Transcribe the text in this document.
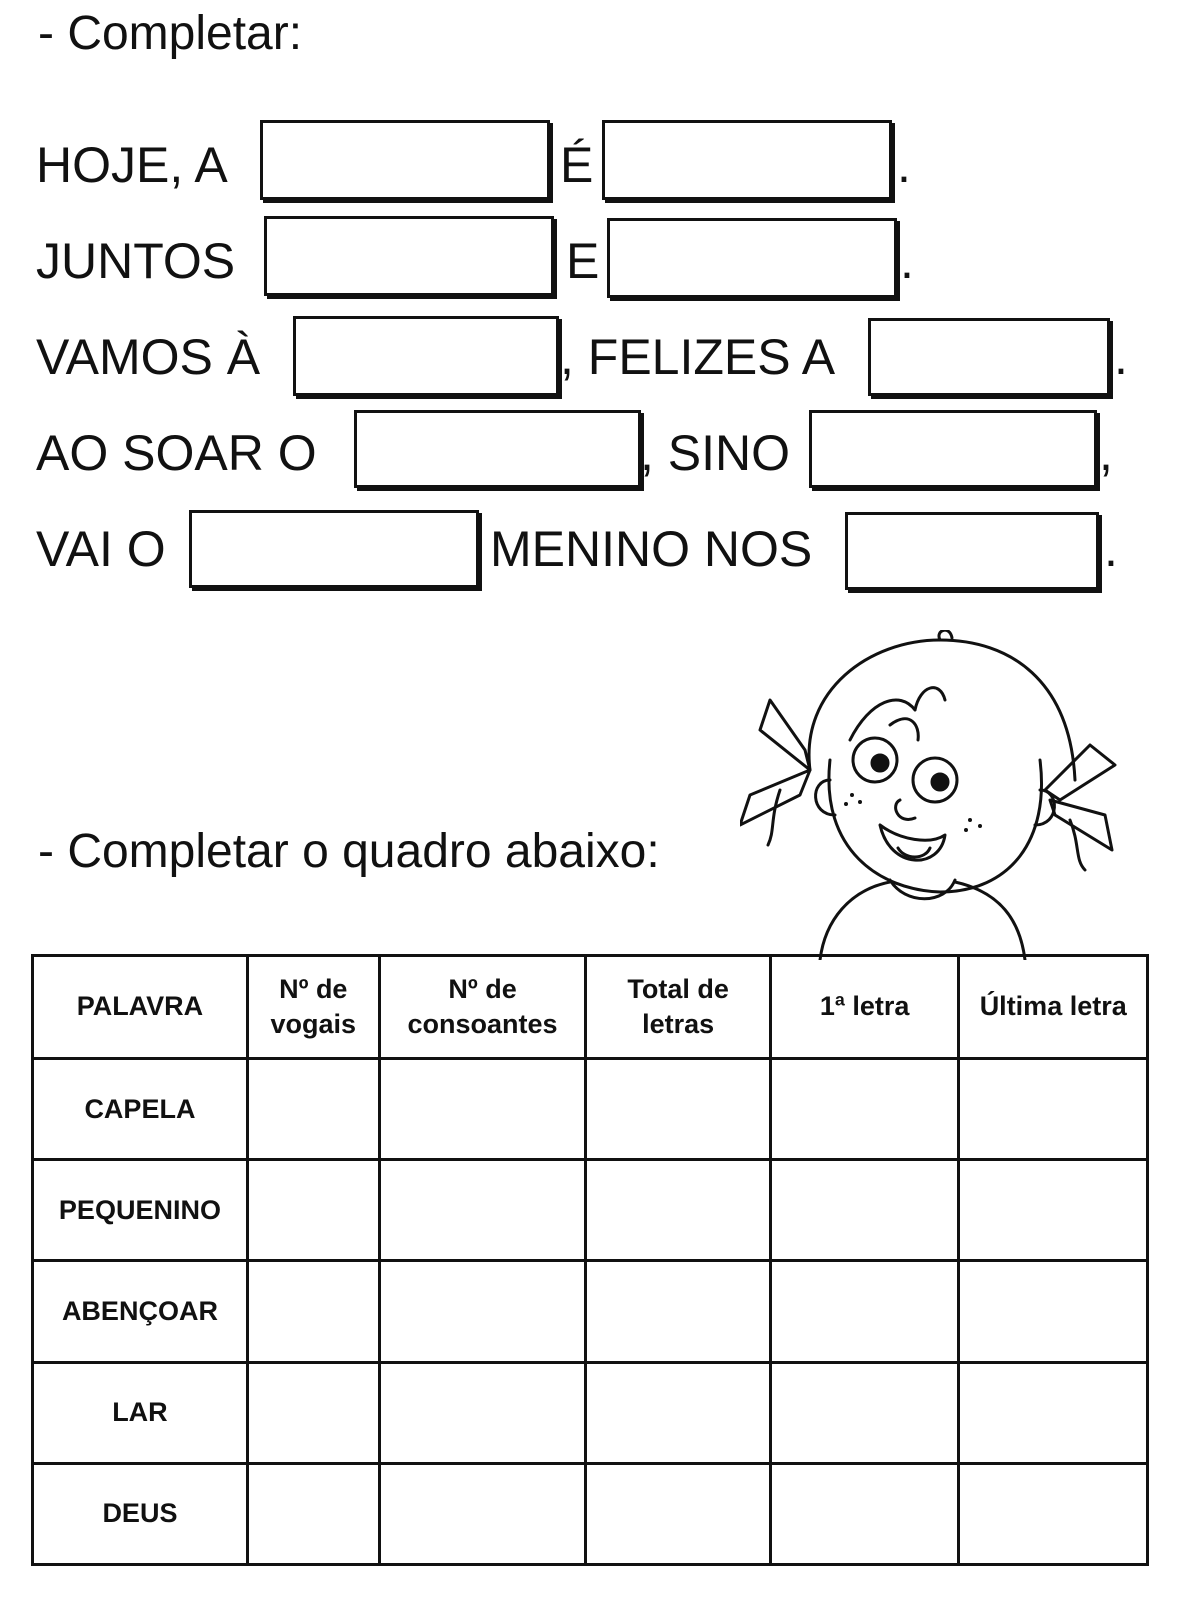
- Completar:
HOJE, A	É	.
JUNTOS	E	.
VAMOS À	, FELIZES A	.
AO SOAR O	, SINO	,
VAI O	MENINO NOS	.
- Completar o quadro abaixo:
PALAVRA	Nº de vogais	Nº de consoantes	Total de letras	1ª letra	Última letra
CAPELA					
PEQUENINO					
ABENÇOAR					
LAR					
DEUS					
